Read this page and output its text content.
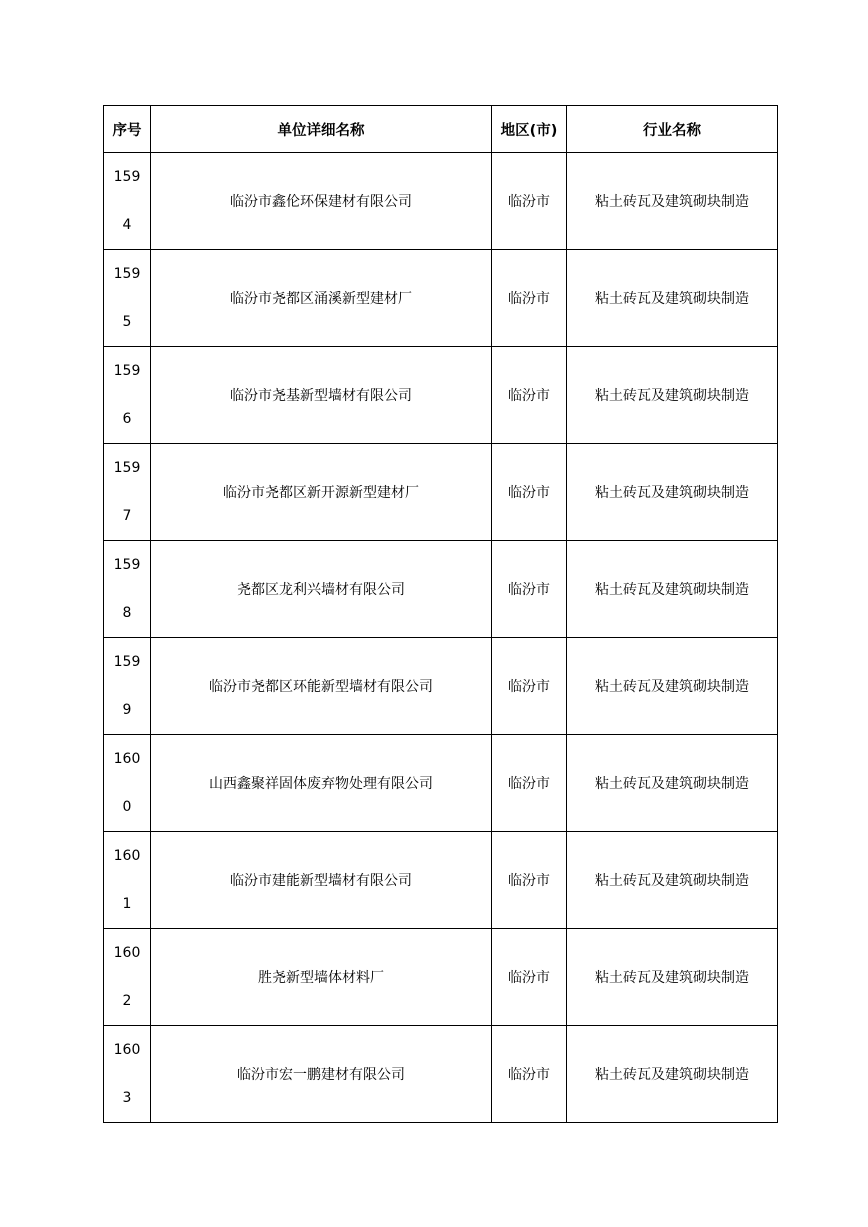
序号	单位详细名称	地区(市)	行业名称

1594	临汾市鑫伦环保建材有限公司	临汾市	粘土砖瓦及建筑砌块制造

1595	临汾市尧都区涌溪新型建材厂	临汾市	粘土砖瓦及建筑砌块制造

1596	临汾市尧基新型墙材有限公司	临汾市	粘土砖瓦及建筑砌块制造

1597	临汾市尧都区新开源新型建材厂	临汾市	粘土砖瓦及建筑砌块制造

1598	尧都区龙利兴墙材有限公司	临汾市	粘土砖瓦及建筑砌块制造

1599	临汾市尧都区环能新型墙材有限公司	临汾市	粘土砖瓦及建筑砌块制造

1600	山西鑫聚祥固体废弃物处理有限公司	临汾市	粘土砖瓦及建筑砌块制造

1601	临汾市建能新型墙材有限公司	临汾市	粘土砖瓦及建筑砌块制造

1602	胜尧新型墙体材料厂	临汾市	粘土砖瓦及建筑砌块制造

1603	临汾市宏一鹏建材有限公司	临汾市	粘土砖瓦及建筑砌块制造
